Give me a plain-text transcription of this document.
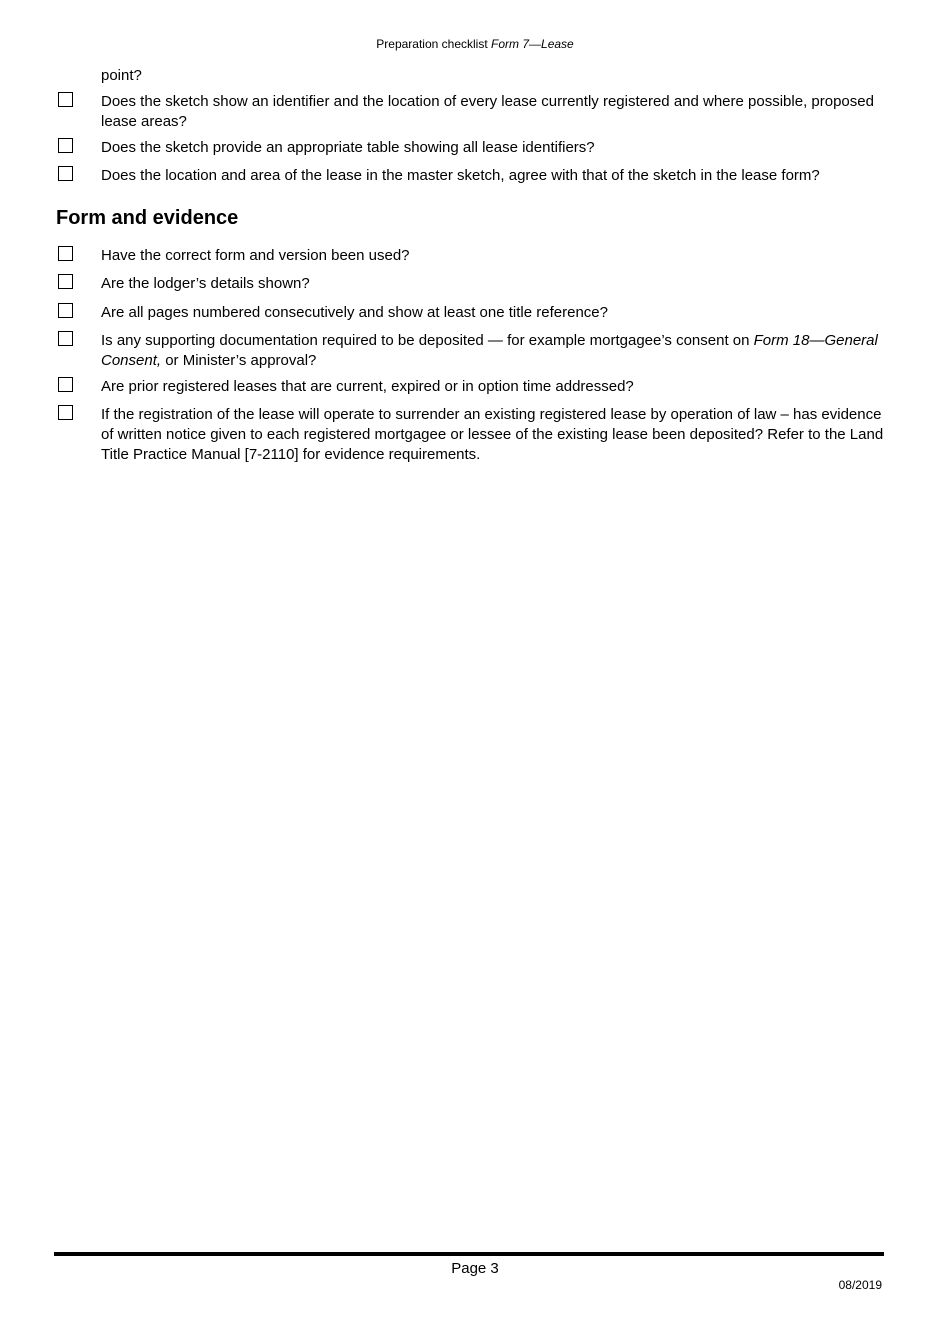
Preparation checklist Form 7—Lease
point?
Does the sketch show an identifier and the location of every lease currently registered and where possible, proposed lease areas?
Does the sketch provide an appropriate table showing all lease identifiers?
Does the location and area of the lease in the master sketch, agree with that of the sketch in the lease form?
Form and evidence
Have the correct form and version been used?
Are the lodger’s details shown?
Are all pages numbered consecutively and show at least one title reference?
Is any supporting documentation required to be deposited — for example mortgagee’s consent on Form 18—General Consent, or Minister’s approval?
Are prior registered leases that are current, expired or in option time addressed?
If the registration of the lease will operate to surrender an existing registered lease by operation of law – has evidence of written notice given to each registered mortgagee or lessee of the existing lease been deposited? Refer to the Land Title Practice Manual [7-2110] for evidence requirements.
Page 3
08/2019
